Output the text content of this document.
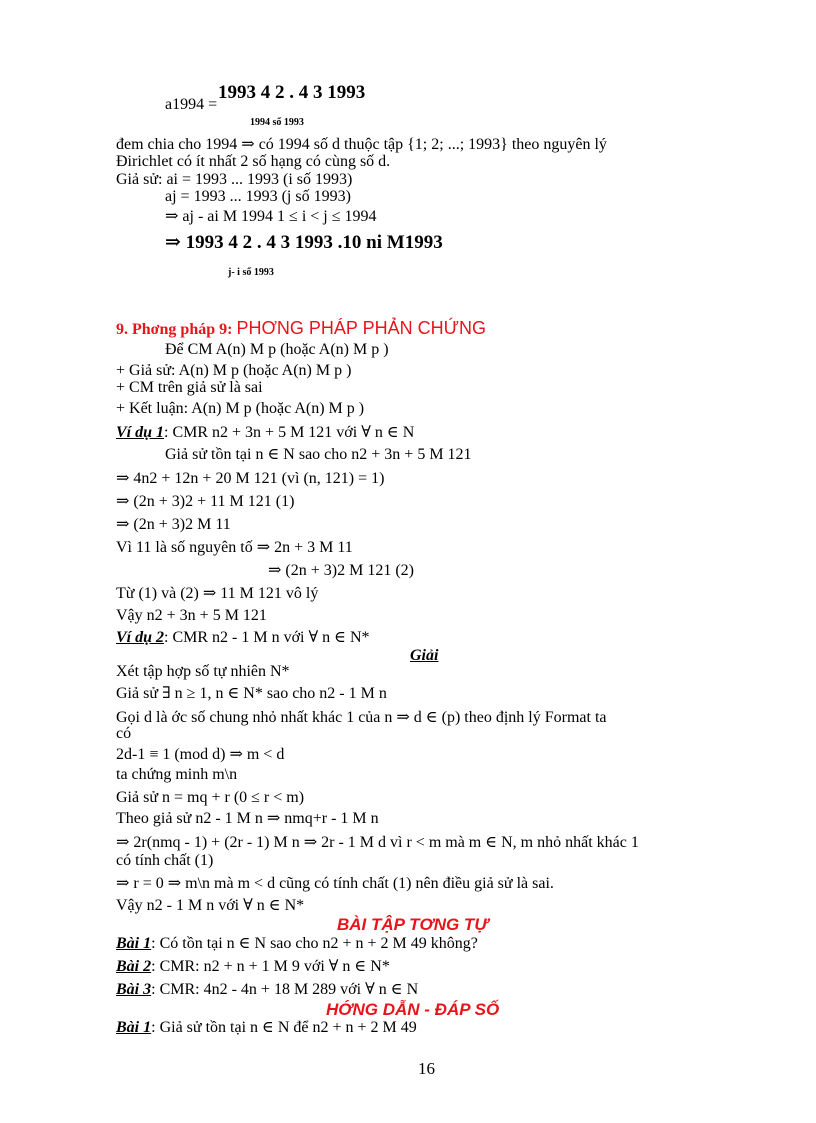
a1994 =
1993 4 2 . 4 3 1993
1994 số 1993
đem chia cho 1994 ⇒ có 1994 số d thuộc tập {1; 2; ...; 1993} theo nguyên lý
Đirichlet có ít nhất 2 số hạng có cùng số d.
Giả sử: ai = 1993 ... 1993 (i số 1993)
aj = 1993 ... 1993 (j số 1993)
⇒ aj - ai M 1994 1 ≤ i < j ≤ 1994
⇒ 1993 4 2 . 4 3 1993 .10 ni M1993
j- i số 1993
9. Phơng pháp 9: PHƠNG PHÁP PHẢN CHỨNG
Để CM A(n) M p (hoặc A(n) M p )
+ Giả sử: A(n) M p (hoặc A(n) M p )
+ CM trên giả sử là sai
+ Kết luận: A(n) M p (hoặc A(n) M p )
Ví dụ 1: CMR n2 + 3n + 5 M 121 với ∀ n ∈ N
Giả sử tồn tại n ∈ N sao cho n2 + 3n + 5 M 121
⇒ 4n2 + 12n + 20 M 121 (vì (n, 121) = 1)
⇒ (2n + 3)2 + 11 M 121 (1)
⇒ (2n + 3)2 M 11
Vì 11 là số nguyên tố ⇒ 2n + 3 M 11
⇒ (2n + 3)2 M 121 (2)
Từ (1) và (2) ⇒ 11 M 121 vô lý
Vậy n2 + 3n + 5 M 121
Ví dụ 2: CMR n2 - 1 M n với ∀ n ∈ N*
Giải
Xét tập hợp số tự nhiên N*
Giả sử ∃ n ≥ 1, n ∈ N* sao cho n2 - 1 M n
Gọi d là ớc số chung nhỏ nhất khác 1 của n ⇒ d ∈ (p) theo định lý Format ta
có
2d-1 ≡ 1 (mod d) ⇒ m < d
ta chứng minh m\n
Giả sử n = mq + r (0 ≤ r < m)
Theo giả sử n2 - 1 M n ⇒ nmq+r - 1 M n
⇒ 2r(nmq - 1) + (2r - 1) M n ⇒ 2r - 1 M d vì r < m mà m ∈ N, m nhỏ nhất khác 1
có tính chất (1)
⇒ r = 0 ⇒ m\n mà m < d cũng có tính chất (1) nên điều giả sử là sai.
Vậy n2 - 1 M n với ∀ n ∈ N*
BÀI TẬP TƠNG TỰ
Bài 1: Có tồn tại n ∈ N sao cho n2 + n + 2 M 49 không?
Bài 2: CMR: n2 + n + 1 M 9 với ∀ n ∈ N*
Bài 3: CMR: 4n2 - 4n + 18 M 289 với ∀ n ∈ N
HỚNG DẪN - ĐÁP SỐ
Bài 1: Giả sử tồn tại n ∈ N để n2 + n + 2 M 49
16
